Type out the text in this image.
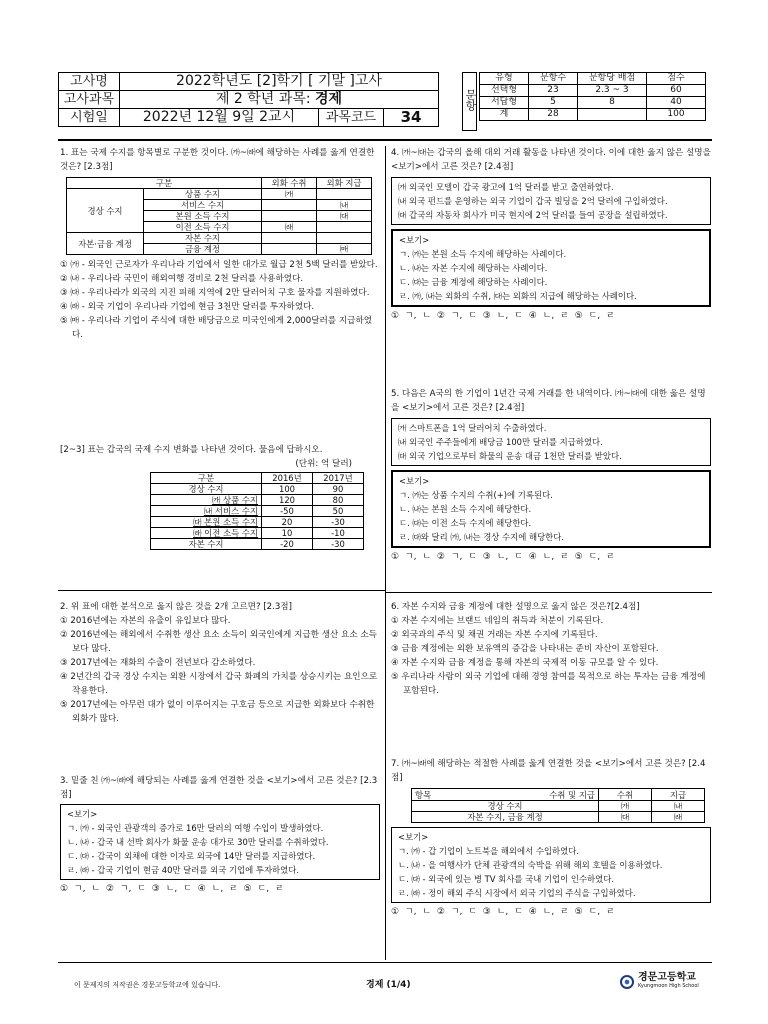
고사명	2022학년도 [2]학기 [ 기말 ]고사		
고사과목	제 2 학년 과목: 경제		
시험일	2022년 12월 9일 2교시	과목코드	34
문항
유형	문항수	문항당 배점	점수
선택형	23	2.3 ~ 3	60
서답형	5	8	40
계	28		100

1. 표는 국제 수지를 항목별로 구분한 것이다. ㈎~㈑에 해당하는 사례를 옳게 연결한 것은? [2.3점]

구분		외화 수취	외화 지급
경상 수지	상품 수지	㈎	
	서비스 수지		㈏
	본원 소득 수지		㈐
	이전 소득 수지	㈑	
자본·금융 계정	자본 수지		
	금융 계정		㈒

① ㈎ - 외국인 근로자가 우리나라 기업에서 일한 대가로 월급 2천 5백 달러를 받았다.

② ㈏ - 우리나라 국민이 해외여행 경비로 2천 달러를 사용하였다.

③ ㈐ - 우리나라가 외국의 지진 피해 지역에 2만 달러어치 구호 물자를 지원하였다.

④ ㈑ - 외국 기업이 우리나라 기업에 현금 3천만 달러를 투자하였다.

⑤ ㈒ - 우리나라 기업이 주식에 대한 배당금으로 미국인에게 2,000달러를 지급하였다.

[2~3] 표는 갑국의 국제 수지 변화를 나타낸 것이다. 물음에 답하시오.

(단위: 억 달러)

구분	2016년	2017년
경상 수지	100	90
㈎ 상품 수지	120	80
㈏ 서비스 수지	-50	50
㈐ 본원 소득 수지	20	-30
㈑ 이전 소득 수지	10	-10
자본 수지	-20	-30

2. 위 표에 대한 분석으로 옳지 않은 것을 2개 고르면? [2.3점]

① 2016년에는 자본의 유출이 유입보다 많다.

② 2016년에는 해외에서 수취한 생산 요소 소득이 외국인에게 지급한 생산 요소 소득보다 많다.

③ 2017년에는 재화의 수출이 전년보다 감소하였다.

④ 2년간의 갑국 경상 수지는 외환 시장에서 갑국 화폐의 가치를 상승시키는 요인으로 작용한다.

⑤ 2017년에는 아무런 대가 없이 이루어지는 구호금 등으로 지급한 외화보다 수취한 외화가 많다.

3. 밑줄 친 ㈎~㈑에 해당되는 사례를 옳게 연결한 것을 <보기>에서 고른 것은? [2.3점]

<보기>
ㄱ. ㈎ - 외국인 관광객의 증가로 16만 달러의 여행 수입이 발생하였다.
ㄴ. ㈏ - 갑국 내 선박 회사가 화물 운송 대가로 30만 달러를 수취하였다.
ㄷ. ㈐ - 갑국이 외채에 대한 이자로 외국에 14만 달러를 지급하였다.
ㄹ. ㈑ - 갑국 기업이 현금 40만 달러를 외국 기업에 투자하였다.

① ㄱ, ㄴ ② ㄱ, ㄷ ③ ㄴ, ㄷ ④ ㄴ, ㄹ ⑤ ㄷ, ㄹ

4. ㈎~㈐는 갑국의 올해 대외 거래 활동을 나타낸 것이다. 이에 대한 옳지 않은 설명을 <보기>에서 고른 것은? [2.4점]

㈎ 외국인 모델이 갑국 광고에 1억 달러를 받고 출연하였다.
㈏ 외국 펀드를 운영하는 외국 기업이 갑국 빌딩을 2억 달러에 구입하였다.
㈐ 갑국의 자동차 회사가 미국 현지에 2억 달러를 들여 공장을 설립하였다.
<보기>
ㄱ. ㈎는 본원 소득 수지에 해당하는 사례이다.
ㄴ. ㈏는 자본 수지에 해당하는 사례이다.
ㄷ. ㈐는 금융 계정에 해당하는 사례이다.
ㄹ. ㈎, ㈏는 외화의 수취, ㈐는 외화의 지급에 해당하는 사례이다.

① ㄱ, ㄴ ② ㄱ, ㄷ ③ ㄴ, ㄷ ④ ㄴ, ㄹ ⑤ ㄷ, ㄹ

5. 다음은 A국의 한 기업이 1년간 국제 거래를 한 내역이다. ㈎~㈐에 대한 옳은 설명을 <보기>에서 고른 것은? [2.4점]

㈎ 스마트폰을 1억 달러어치 수출하였다.
㈏ 외국인 주주들에게 배당금 100만 달러를 지급하였다.
㈐ 외국 기업으로부터 화물의 운송 대금 1천만 달러를 받았다.
<보기>
ㄱ. ㈎는 상품 수지의 수취(+)에 기록된다.
ㄴ. ㈏는 본원 소득 수지에 해당한다.
ㄷ. ㈐는 이전 소득 수지에 해당한다.
ㄹ. ㈐와 달리 ㈎, ㈏는 경상 수지에 해당한다.

① ㄱ, ㄴ ② ㄱ, ㄷ ③ ㄴ, ㄷ ④ ㄴ, ㄹ ⑤ ㄷ, ㄹ

6. 자본 수지와 금융 계정에 대한 설명으로 옳지 않은 것은?[2.4점]

① 자본 수지에는 브랜드 네임의 취득과 처분이 기록된다.

② 외국과의 주식 및 채권 거래는 자본 수지에 기록된다.

③ 금융 계정에는 외환 보유액의 증감을 나타내는 준비 자산이 포함된다.

④ 자본 수지와 금융 계정을 통해 자본의 국제적 이동 규모를 알 수 있다.

⑤ 우리나라 사람이 외국 기업에 대해 경영 참여를 목적으로 하는 투자는 금융 계정에 포함된다.

7. ㈎~㈑에 해당하는 적절한 사례를 옳게 연결한 것을 <보기>에서 고른 것은? [2.4점]

항목 수취 및 지급	수취	지급
경상 수지	㈎	㈏
자본 수지, 금융 계정	㈐	㈑
<보기>
ㄱ. ㈎ - 갑 기업이 노트북을 해외에서 수입하였다.
ㄴ. ㈏ - 을 여행사가 단체 관광객의 숙박을 위해 해외 호텔을 이용하였다.
ㄷ. ㈐ - 외국에 있는 병 TV 회사를 국내 기업이 인수하였다.
ㄹ. ㈑ - 정이 해외 주식 시장에서 외국 기업의 주식을 구입하였다.

① ㄱ, ㄴ ② ㄱ, ㄷ ③ ㄴ, ㄷ ④ ㄴ, ㄹ ⑤ ㄷ, ㄹ

이 문제지의 저작권은 경문고등학교에 있습니다.	경제 (1/4)
경문고등학교
Kyungmoon High School
